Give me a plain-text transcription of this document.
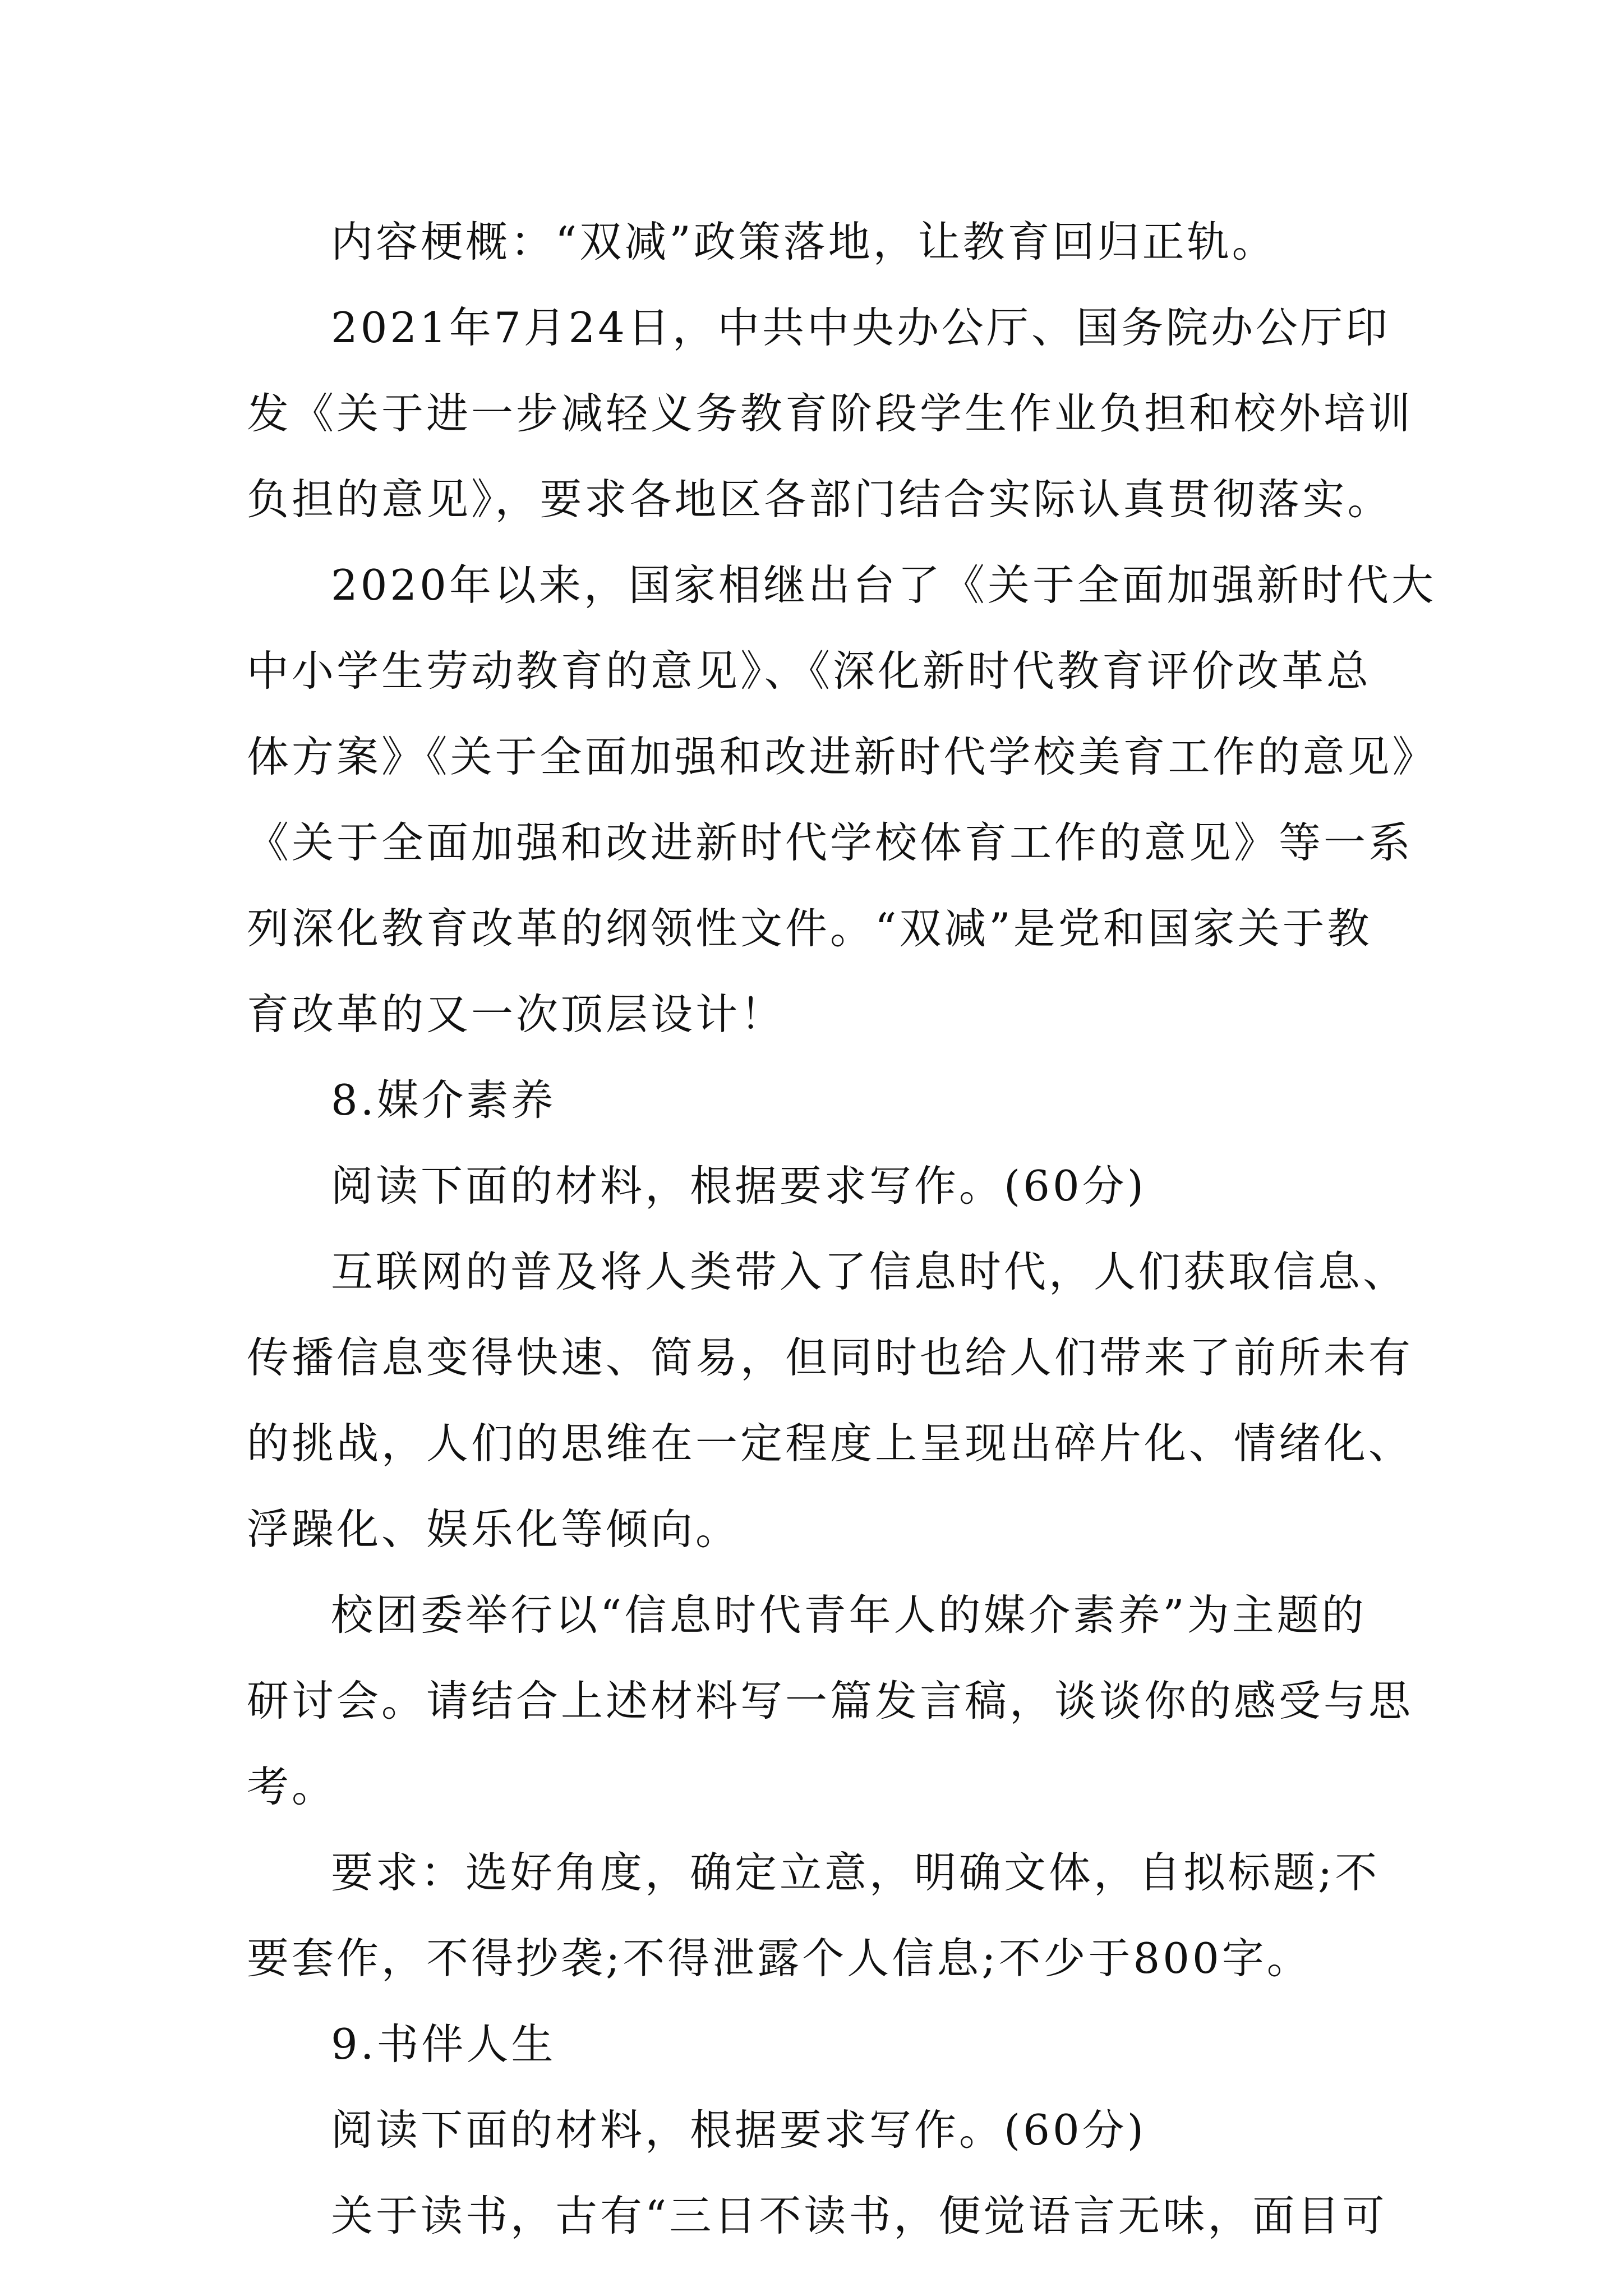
内容梗概：“双减”政策落地，让教育回归正轨。
2021年7月24日，中共中央办公厅、国务院办公厅印
发《关于进一步减轻义务教育阶段学生作业负担和校外培训
负担的意见》，要求各地区各部门结合实际认真贯彻落实。
2020年以来，国家相继出台了《关于全面加强新时代大
中小学生劳动教育的意见》、《深化新时代教育评价改革总
体方案》《关于全面加强和改进新时代学校美育工作的意见》
《关于全面加强和改进新时代学校体育工作的意见》等一系
列深化教育改革的纲领性文件。“双减”是党和国家关于教
育改革的又一次顶层设计！
8.媒介素养
阅读下面的材料，根据要求写作。(60分)
互联网的普及将人类带入了信息时代，人们获取信息、
传播信息变得快速、简易，但同时也给人们带来了前所未有
的挑战，人们的思维在一定程度上呈现出碎片化、情绪化、
浮躁化、娱乐化等倾向。
校团委举行以“信息时代青年人的媒介素养”为主题的
研讨会。请结合上述材料写一篇发言稿，谈谈你的感受与思
考。
要求：选好角度，确定立意，明确文体，自拟标题;不
要套作，不得抄袭;不得泄露个人信息;不少于800字。
9.书伴人生
阅读下面的材料，根据要求写作。(60分)
关于读书，古有“三日不读书，便觉语言无味，面目可
